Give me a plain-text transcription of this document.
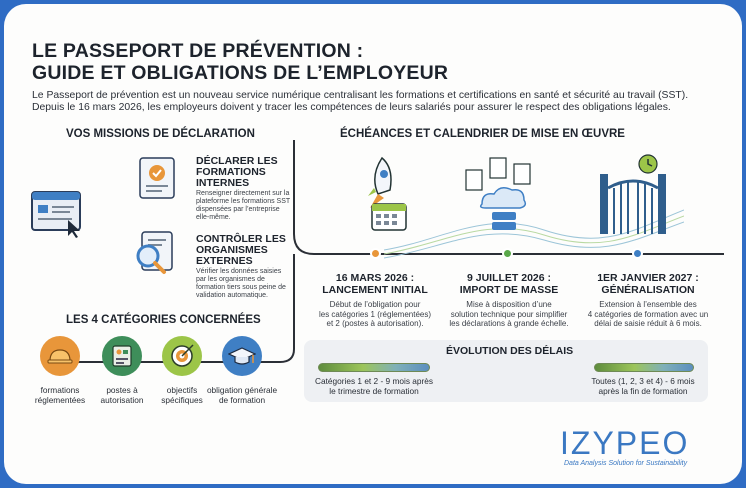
LE PASSEPORT DE PRÉVENTION :
GUIDE ET OBLIGATIONS DE L’EMPLOYEUR
Le Passeport de prévention est un nouveau service numérique centralisant les formations et certifications en santé et sécurité au travail (SST).
Depuis le 16 mars 2026, les employeurs doivent y tracer les compétences de leurs salariés pour assurer le respect des obligations légales.
VOS MISSIONS DE DÉCLARATION
DÉCLARER LES
FORMATIONS
INTERNES
Renseigner directement sur la
plateforme les formations SST
dispensées par l’entreprise
elle-même.
CONTRÔLER LES
ORGANISMES
EXTERNES
Vérifier les données saisies
par les organismes de
formation tiers sous peine de
validation automatique.
LES 4 CATÉGORIES CONCERNÉES
formations
réglementées
postes à
autorisation
objectifs
spécifiques
obligation générale
de formation
ÉCHÉANCES ET CALENDRIER DE MISE EN ŒUVRE
16 MARS 2026 :
LANCEMENT INITIAL
Début de l’obligation pour
les catégories 1 (réglementées)
et 2 (postes à autorisation).
9 JUILLET 2026 :
IMPORT DE MASSE
Mise à disposition d’une
solution technique pour simplifier
les déclarations à grande échelle.
1ER JANVIER 2027 :
GÉNÉRALISATION
Extension à l’ensemble des
4 catégories de formation avec un
délai de saisie réduit à 6 mois.
ÉVOLUTION DES DÉLAIS
Catégories 1 et 2 - 9 mois après
le trimestre de formation
Toutes (1, 2, 3 et 4) - 6 mois
après la fin de formation
IZYPEO
Data Analysis Solution for Sustainability
